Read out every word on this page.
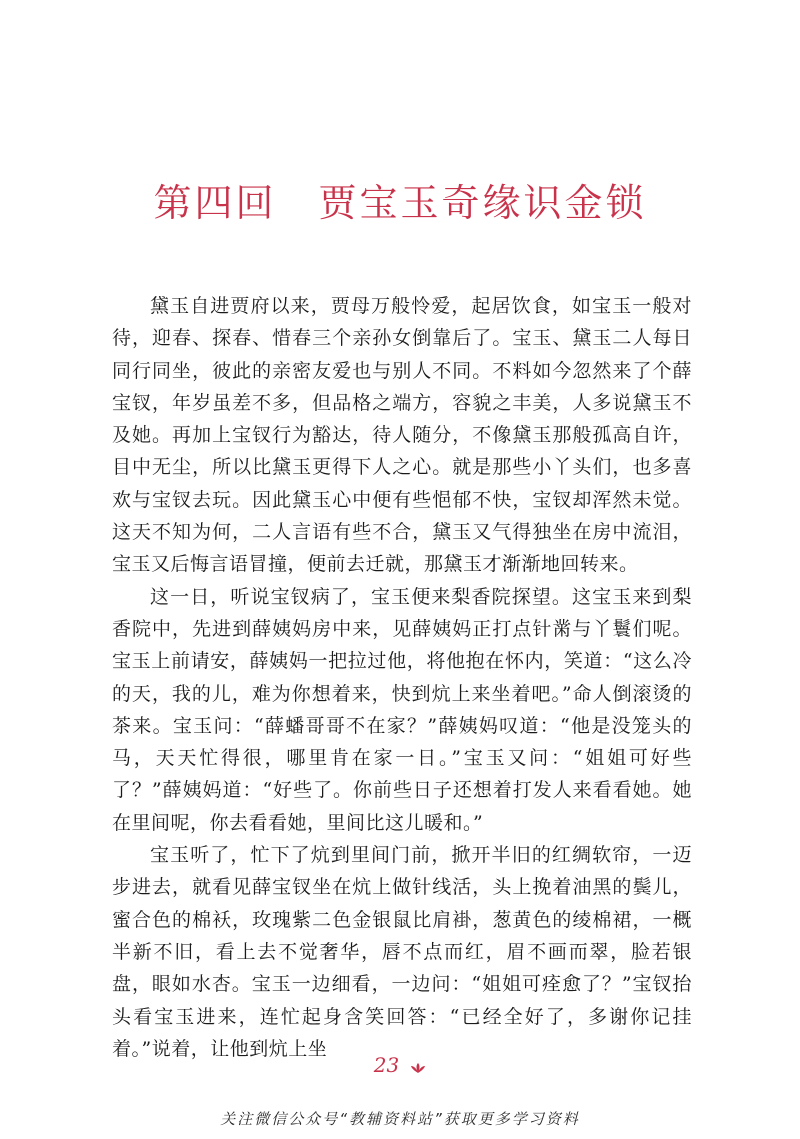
第四回 贾宝玉奇缘识金锁

黛玉自进贾府以来，贾母万般怜爱，起居饮食，如宝玉一般对待，迎春、探春、惜春三个亲孙女倒靠后了。宝玉、黛玉二人每日同行同坐，彼此的亲密友爱也与别人不同。不料如今忽然来了个薛宝钗，年岁虽差不多，但品格之端方，容貌之丰美，人多说黛玉不及她。再加上宝钗行为豁达，待人随分，不像黛玉那般孤高自许，目中无尘，所以比黛玉更得下人之心。就是那些小丫头们，也多喜欢与宝钗去玩。因此黛玉心中便有些悒郁不快，宝钗却浑然未觉。这天不知为何，二人言语有些不合，黛玉又气得独坐在房中流泪，宝玉又后悔言语冒撞，便前去迁就，那黛玉才渐渐地回转来。

这一日，听说宝钗病了，宝玉便来梨香院探望。这宝玉来到梨香院中，先进到薛姨妈房中来，见薛姨妈正打点针黹与丫鬟们呢。宝玉上前请安，薛姨妈一把拉过他，将他抱在怀内，笑道：“这么冷的天，我的儿，难为你想着来，快到炕上来坐着吧。”命人倒滚烫的茶来。宝玉问：“薛蟠哥哥不在家？”薛姨妈叹道：“他是没笼头的马，天天忙得很，哪里肯在家一日。”宝玉又问：“姐姐可好些了？”薛姨妈道：“好些了。你前些日子还想着打发人来看看她。她在里间呢，你去看看她，里间比这儿暖和。”

宝玉听了，忙下了炕到里间门前，掀开半旧的红绸软帘，一迈步进去，就看见薛宝钗坐在炕上做针线活，头上挽着油黑的鬓儿，蜜合色的棉袄，玫瑰紫二色金银鼠比肩褂，葱黄色的绫棉裙，一概半新不旧，看上去不觉奢华，唇不点而红，眉不画而翠，脸若银盘，眼如水杏。宝玉一边细看，一边问：“姐姐可痊愈了？”宝钗抬头看宝玉进来，连忙起身含笑回答：“已经全好了，多谢你记挂着。”说着，让他到炕上坐

23
关注微信公众号“教辅资料站”获取更多学习资料
